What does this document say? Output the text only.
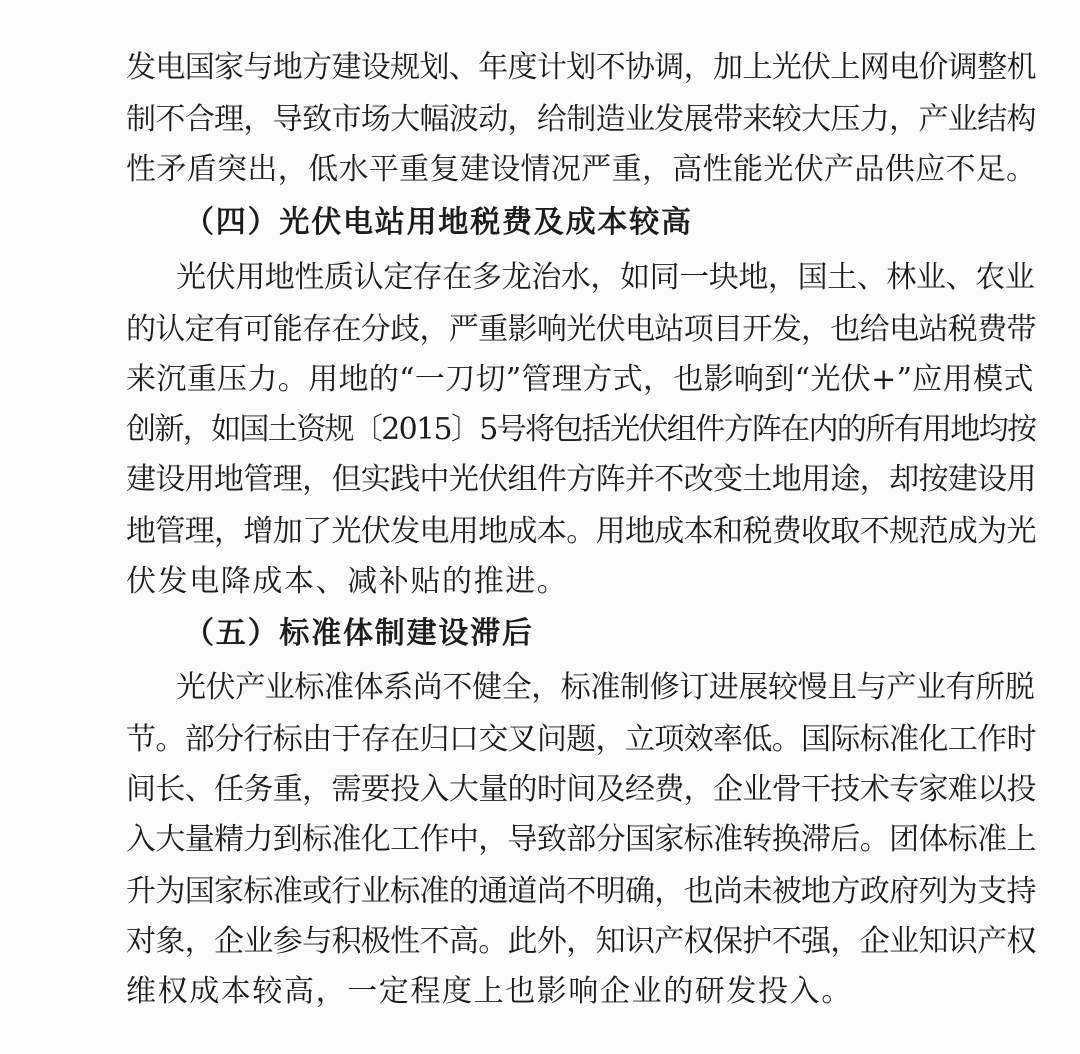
发电国家与地方建设规划、年度计划不协调，加上光伏上网电价调整机
制不合理，导致市场大幅波动，给制造业发展带来较大压力，产业结构
性矛盾突出，低水平重复建设情况严重，高性能光伏产品供应不足。
（四）光伏电站用地税费及成本较高
光伏用地性质认定存在多龙治水，如同一块地，国土、林业、农业
的认定有可能存在分歧，严重影响光伏电站项目开发，也给电站税费带
来沉重压力。用地的“一刀切”管理方式，也影响到“光伏+”应用模式
创新，如国土资规〔2015〕5号将包括光伏组件方阵在内的所有用地均按
建设用地管理，但实践中光伏组件方阵并不改变土地用途，却按建设用
地管理，增加了光伏发电用地成本。用地成本和税费收取不规范成为光
伏发电降成本、减补贴的推进。
（五）标准体制建设滞后
光伏产业标准体系尚不健全，标准制修订进展较慢且与产业有所脱
节。部分行标由于存在归口交叉问题，立项效率低。国际标准化工作时
间长、任务重，需要投入大量的时间及经费，企业骨干技术专家难以投
入大量精力到标准化工作中，导致部分国家标准转换滞后。团体标准上
升为国家标准或行业标准的通道尚不明确，也尚未被地方政府列为支持
对象，企业参与积极性不高。此外，知识产权保护不强，企业知识产权
维权成本较高，一定程度上也影响企业的研发投入。
